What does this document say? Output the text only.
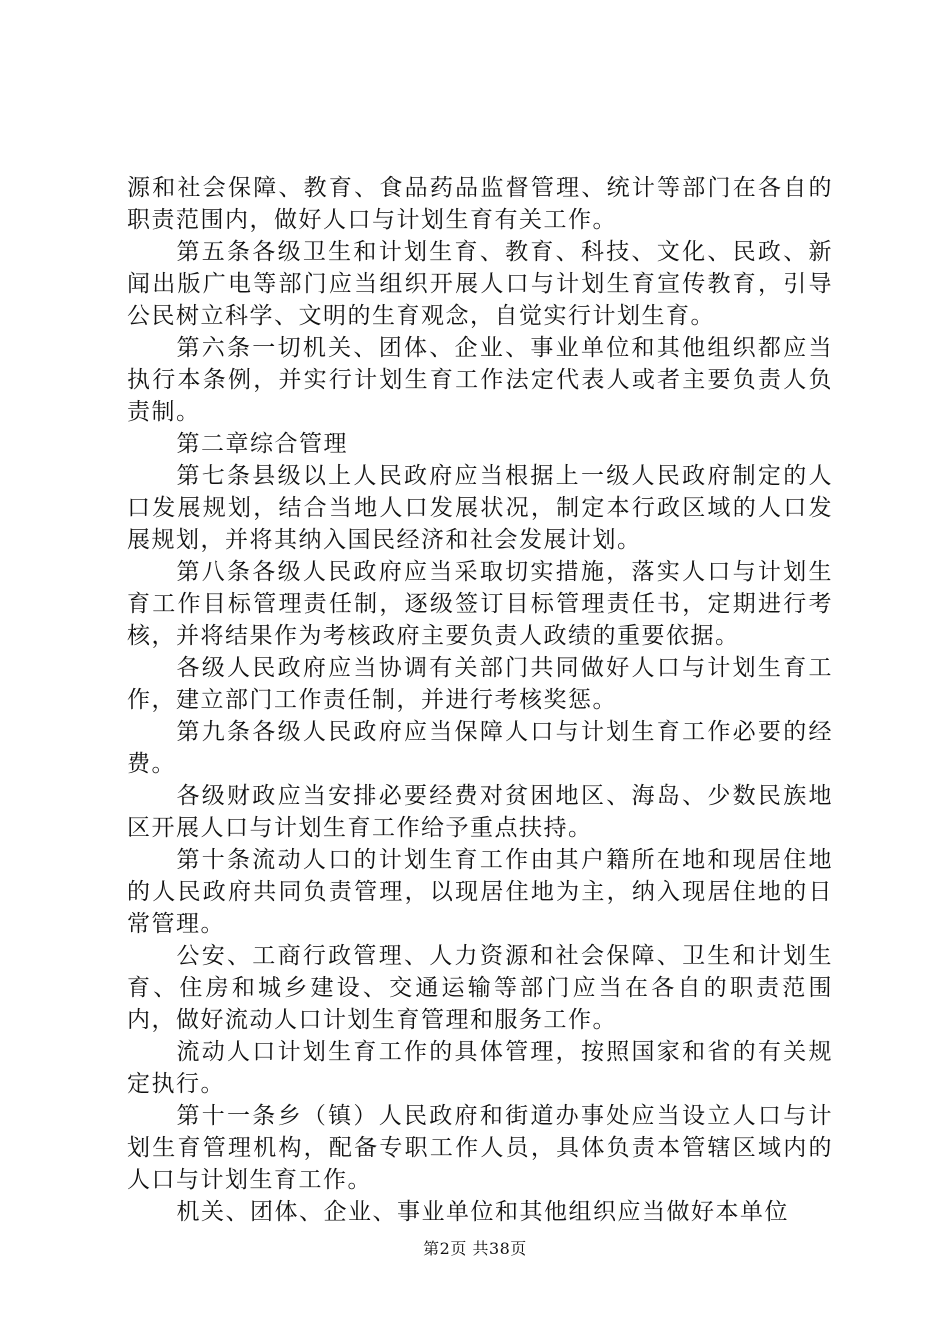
源和社会保障、教育、食品药品监督管理、统计等部门在各自的职责范围内，做好人口与计划生育有关工作。

第五条各级卫生和计划生育、教育、科技、文化、民政、新闻出版广电等部门应当组织开展人口与计划生育宣传教育，引导公民树立科学、文明的生育观念，自觉实行计划生育。

第六条一切机关、团体、企业、事业单位和其他组织都应当执行本条例，并实行计划生育工作法定代表人或者主要负责人负责制。

第二章综合管理

第七条县级以上人民政府应当根据上一级人民政府制定的人口发展规划，结合当地人口发展状况，制定本行政区域的人口发展规划，并将其纳入国民经济和社会发展计划。

第八条各级人民政府应当采取切实措施，落实人口与计划生育工作目标管理责任制，逐级签订目标管理责任书，定期进行考核，并将结果作为考核政府主要负责人政绩的重要依据。

各级人民政府应当协调有关部门共同做好人口与计划生育工作，建立部门工作责任制，并进行考核奖惩。

第九条各级人民政府应当保障人口与计划生育工作必要的经费。

各级财政应当安排必要经费对贫困地区、海岛、少数民族地区开展人口与计划生育工作给予重点扶持。

第十条流动人口的计划生育工作由其户籍所在地和现居住地的人民政府共同负责管理，以现居住地为主，纳入现居住地的日常管理。

公安、工商行政管理、人力资源和社会保障、卫生和计划生育、住房和城乡建设、交通运输等部门应当在各自的职责范围内，做好流动人口计划生育管理和服务工作。

流动人口计划生育工作的具体管理，按照国家和省的有关规定执行。

第十一条乡（镇）人民政府和街道办事处应当设立人口与计划生育管理机构，配备专职工作人员，具体负责本管辖区域内的人口与计划生育工作。

机关、团体、企业、事业单位和其他组织应当做好本单位

第2页 共38页
